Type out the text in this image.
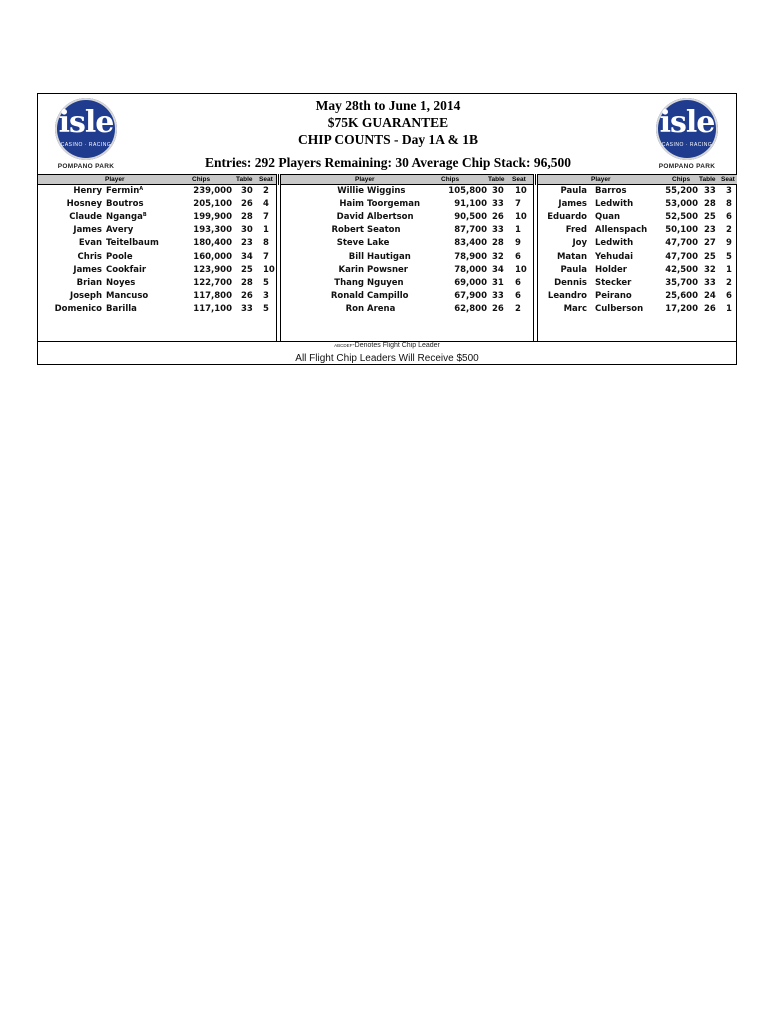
isle
CASINO · RACING
POMPANO PARK
isle
CASINO · RACING
POMPANO PARK
May 28th to June 1, 2014
$75K GUARANTEE
CHIP COUNTS - Day 1A & 1B
Entries: 292 Players Remaining: 30 Average Chip Stack: 96,500
Player	Chips	Table Seat	Player	Chips	Table Seat	Player	Chips Table Seat
Henry Fermin$^A$	239,000 30 2
Hosney Boutros	205,100 26 4
Claude Nganga$^B$	199,900 28 7
James Avery	193,300 30 1
Evan Teitelbaum	180,400 23 8
Chris Poole	160,000 34 7
James Cookfair	123,900 25 10
Brian Noyes	122,700 28 5
Joseph Mancuso	117,800 26 3
Domenico Barilla	117,100 33 5
Willie Wiggins	105,800 30 10
Haim Toorgeman	91,100 33 7
David Albertson	90,500 26 10
Robert Seaton	87,700 33 1
Steve Lake	83,400 28 9
Bill Hautigan	78,900 32 6
Karin Powsner	78,000 34 10
Thang Nguyen	69,000 31 6
Ronald Campillo	67,900 33 6
Ron Arena	62,800 26 2
Paula Barros	55,200 33 3
James Ledwith	53,000 28 8
Eduardo Quan	52,500 25 6
Fred Allenspach 50,100 23 2
Joy Ledwith	47,700 27 9
Matan Yehudai	47,700 25 5
Paula Holder	42,500 32 1
Dennis Stecker	35,700 33 2
Leandro Peirano	25,600 24 6
Marc Culberson	17,200 26 1
$^{ABCDEF}$-Denotes Flight Chip Leader
All Flight Chip Leaders Will Receive $500
